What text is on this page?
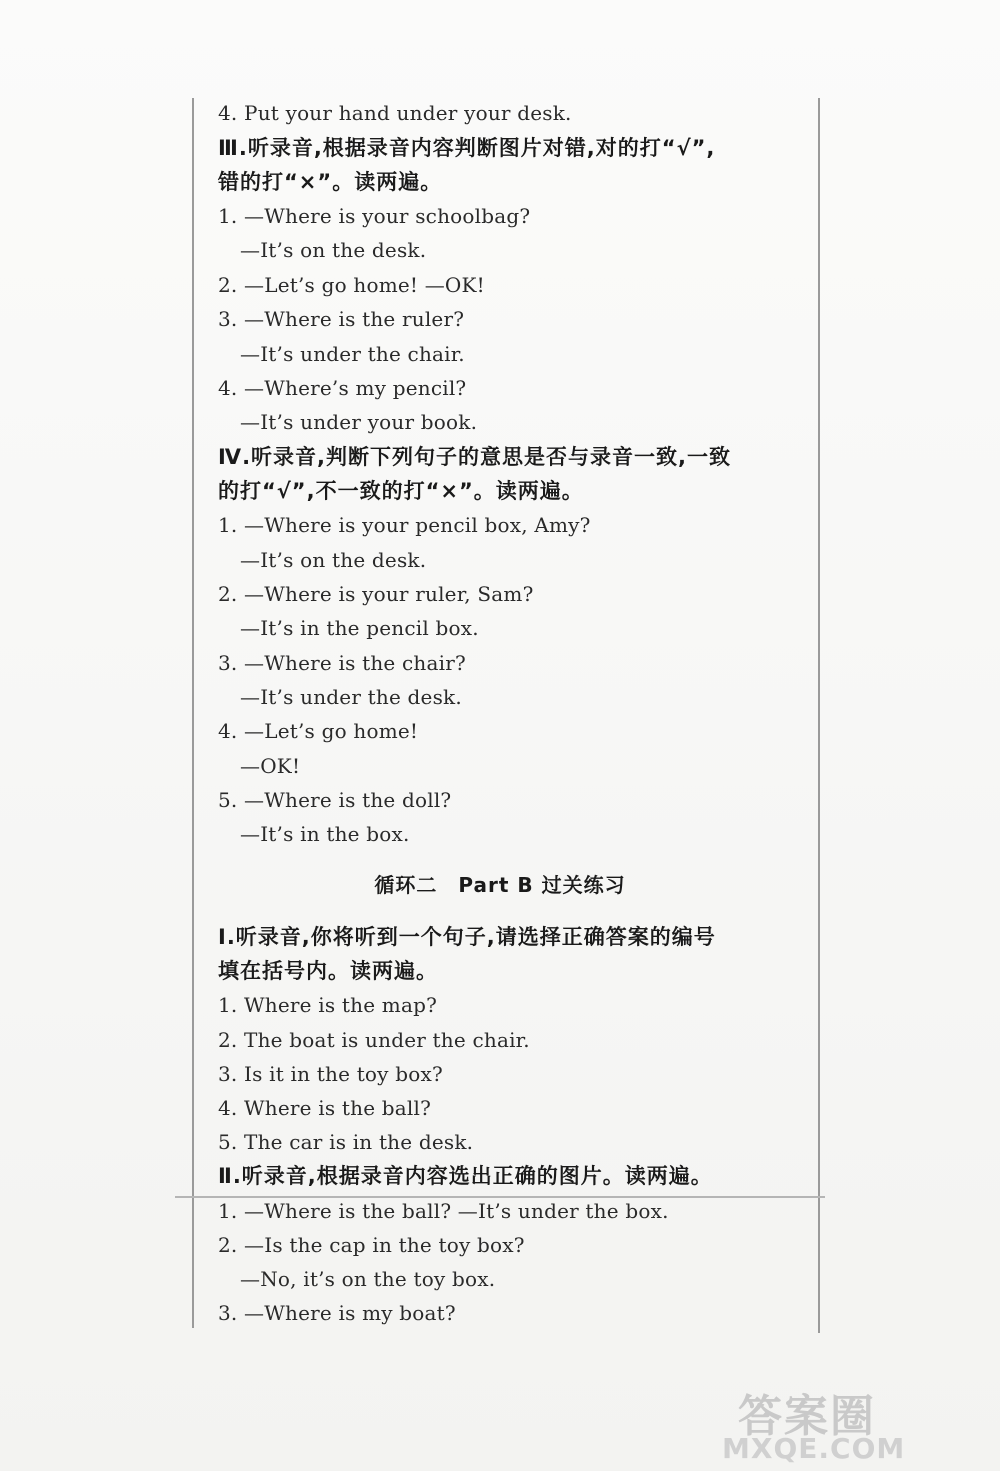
4. Put your hand under your desk.
Ⅲ.听录音,根据录音内容判断图片对错,对的打“√”,
错的打“×”。读两遍。
1. —Where is your schoolbag?
—It’s on the desk.
2. —Let’s go home! —OK!
3. —Where is the ruler?
—It’s under the chair.
4. —Where’s my pencil?
—It’s under your book.
Ⅳ.听录音,判断下列句子的意思是否与录音一致,一致
的打“√”,不一致的打“×”。读两遍。
1. —Where is your pencil box, Amy?
—It’s on the desk.
2. —Where is your ruler, Sam?
—It’s in the pencil box.
3. —Where is the chair?
—It’s under the desk.
4. —Let’s go home!
—OK!
5. —Where is the doll?
—It’s in the box.
循环二　Part B 过关练习
Ⅰ.听录音,你将听到一个句子,请选择正确答案的编号
填在括号内。读两遍。
1. Where is the map?
2. The boat is under the chair.
3. Is it in the toy box?
4. Where is the ball?
5. The car is in the desk.
Ⅱ.听录音,根据录音内容选出正确的图片。读两遍。
1. —Where is the ball? —It’s under the box.
2. —Is the cap in the toy box?
—No, it’s on the toy box.
3. —Where is my boat?
答案圈
MXQE.COM
